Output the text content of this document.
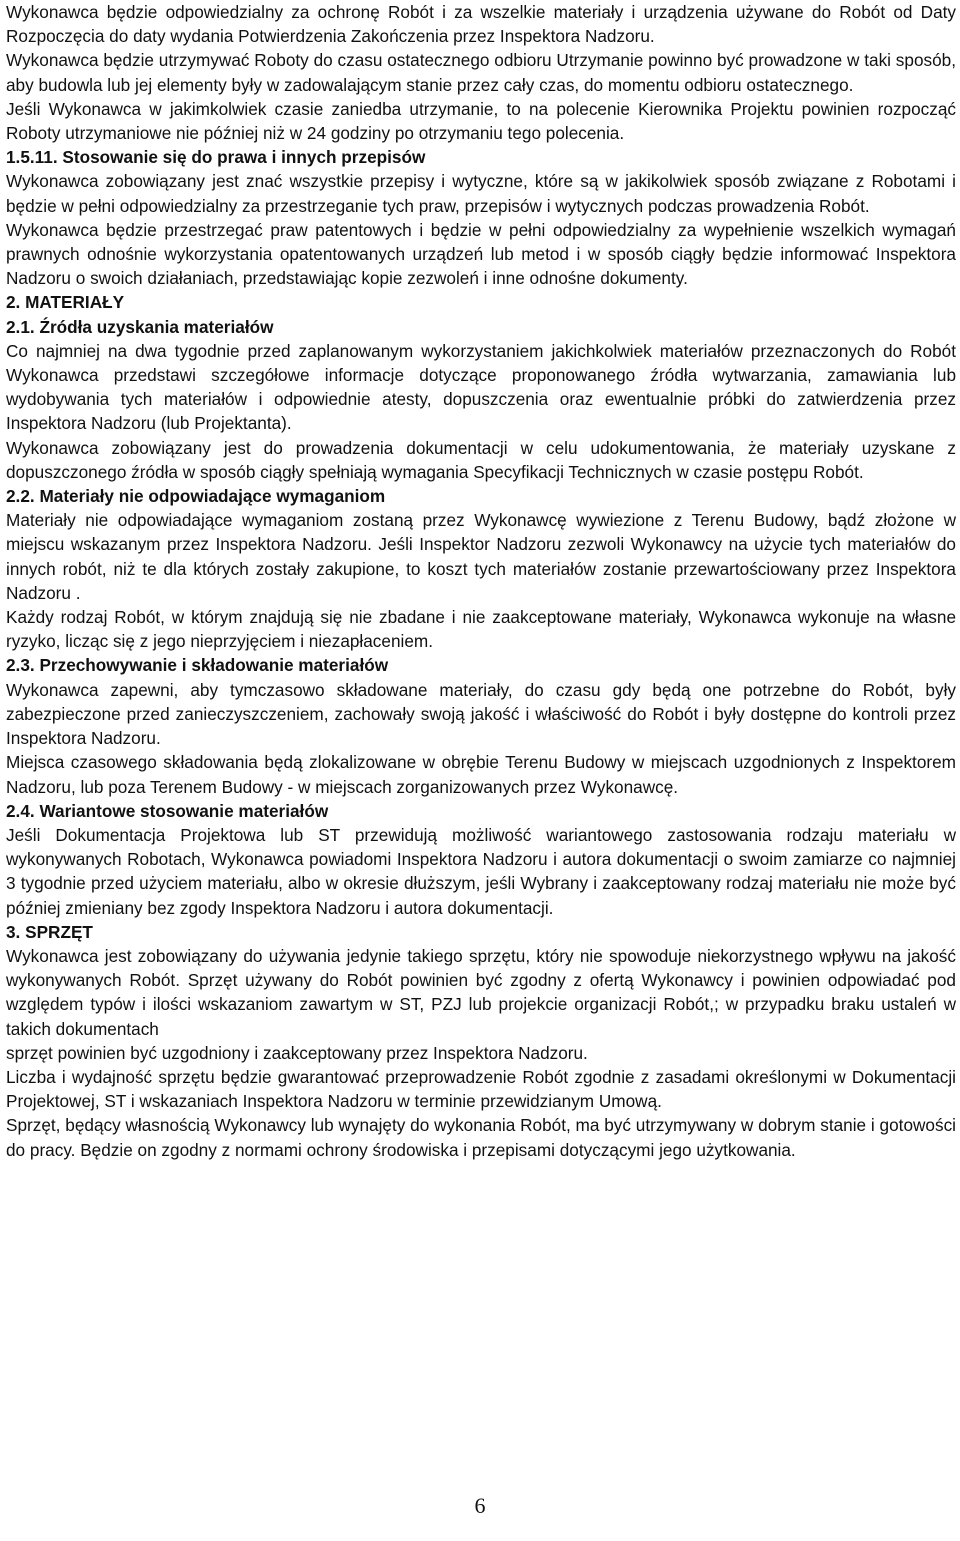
Wykonawca będzie odpowiedzialny za ochronę Robót i za wszelkie materiały i urządzenia używane do Robót od Daty Rozpoczęcia do daty wydania Potwierdzenia Zakończenia przez Inspektora Nadzoru.

Wykonawca będzie utrzymywać Roboty do czasu ostatecznego odbioru Utrzymanie powinno być prowadzone w taki sposób, aby budowla lub jej elementy były w zadowalającym stanie przez cały czas, do momentu odbioru ostatecznego.

Jeśli Wykonawca w jakimkolwiek czasie zaniedba utrzymanie, to na polecenie Kierownika Projektu powinien rozpocząć Roboty utrzymaniowe nie później niż w 24 godziny po otrzymaniu tego polecenia.

1.5.11. Stosowanie się do prawa i innych przepisów

Wykonawca zobowiązany jest znać wszystkie przepisy i wytyczne, które są w jakikolwiek sposób związane z Robotami i będzie w pełni odpowiedzialny za przestrzeganie tych praw, przepisów i wytycznych podczas prowadzenia Robót.

Wykonawca będzie przestrzegać praw patentowych i będzie w pełni odpowiedzialny za wypełnienie wszelkich wymagań prawnych odnośnie wykorzystania opatentowanych urządzeń lub metod i w sposób ciągły będzie informować Inspektora Nadzoru o swoich działaniach, przedstawiając kopie zezwoleń i inne odnośne dokumenty.

2. MATERIAŁY
2.1. Źródła uzyskania materiałów

Co najmniej na dwa tygodnie przed zaplanowanym wykorzystaniem jakichkolwiek materiałów przeznaczonych do Robót Wykonawca przedstawi szczegółowe informacje dotyczące proponowanego źródła wytwarzania, zamawiania lub wydobywania tych materiałów i odpowiednie atesty, dopuszczenia oraz ewentualnie próbki do zatwierdzenia przez Inspektora Nadzoru (lub Projektanta).

Wykonawca zobowiązany jest do prowadzenia dokumentacji w celu udokumentowania, że materiały uzyskane z dopuszczonego źródła w sposób ciągły spełniają wymagania Specyfikacji Technicznych w czasie postępu Robót.

2.2. Materiały nie odpowiadające wymaganiom

Materiały nie odpowiadające wymaganiom zostaną przez Wykonawcę wywiezione z Terenu Budowy, bądź złożone w miejscu wskazanym przez Inspektora Nadzoru. Jeśli Inspektor Nadzoru zezwoli Wykonawcy na użycie tych materiałów do innych robót, niż te dla których zostały zakupione, to koszt tych materiałów zostanie przewartościowany przez Inspektora Nadzoru .

Każdy rodzaj Robót, w którym znajdują się nie zbadane i nie zaakceptowane materiały, Wykonawca wykonuje na własne ryzyko, licząc się z jego nieprzyjęciem i niezapłaceniem.

2.3. Przechowywanie i składowanie materiałów

Wykonawca zapewni, aby tymczasowo składowane materiały, do czasu gdy będą one potrzebne do Robót, były zabezpieczone przed zanieczyszczeniem, zachowały swoją jakość i właściwość do Robót i były dostępne do kontroli przez Inspektora Nadzoru.

Miejsca czasowego składowania będą zlokalizowane w obrębie Terenu Budowy w miejscach uzgodnionych z Inspektorem Nadzoru, lub poza Terenem Budowy - w miejscach zorganizowanych przez Wykonawcę.

2.4. Wariantowe stosowanie materiałów

Jeśli Dokumentacja Projektowa lub ST przewidują możliwość wariantowego zastosowania rodzaju materiału w wykonywanych Robotach, Wykonawca powiadomi Inspektora Nadzoru i autora dokumentacji o swoim zamiarze co najmniej 3 tygodnie przed użyciem materiału, albo w okresie dłuższym, jeśli Wybrany i zaakceptowany rodzaj materiału nie może być później zmieniany bez zgody Inspektora Nadzoru i autora dokumentacji.

3. SPRZĘT

Wykonawca jest zobowiązany do używania jedynie takiego sprzętu, który nie spowoduje niekorzystnego wpływu na jakość wykonywanych Robót. Sprzęt używany do Robót powinien być zgodny z ofertą Wykonawcy i powinien odpowiadać pod względem typów i ilości wskazaniom zawartym w ST, PZJ lub projekcie organizacji Robót,; w przypadku braku ustaleń w takich dokumentach

sprzęt powinien być uzgodniony i zaakceptowany przez Inspektora Nadzoru.

Liczba i wydajność sprzętu będzie gwarantować przeprowadzenie Robót zgodnie z zasadami określonymi w Dokumentacji Projektowej, ST i wskazaniach Inspektora Nadzoru w terminie przewidzianym Umową.

Sprzęt, będący własnością Wykonawcy lub wynajęty do wykonania Robót, ma być utrzymywany w dobrym stanie i gotowości do pracy. Będzie on zgodny z normami ochrony środowiska i przepisami dotyczącymi jego użytkowania.

6
